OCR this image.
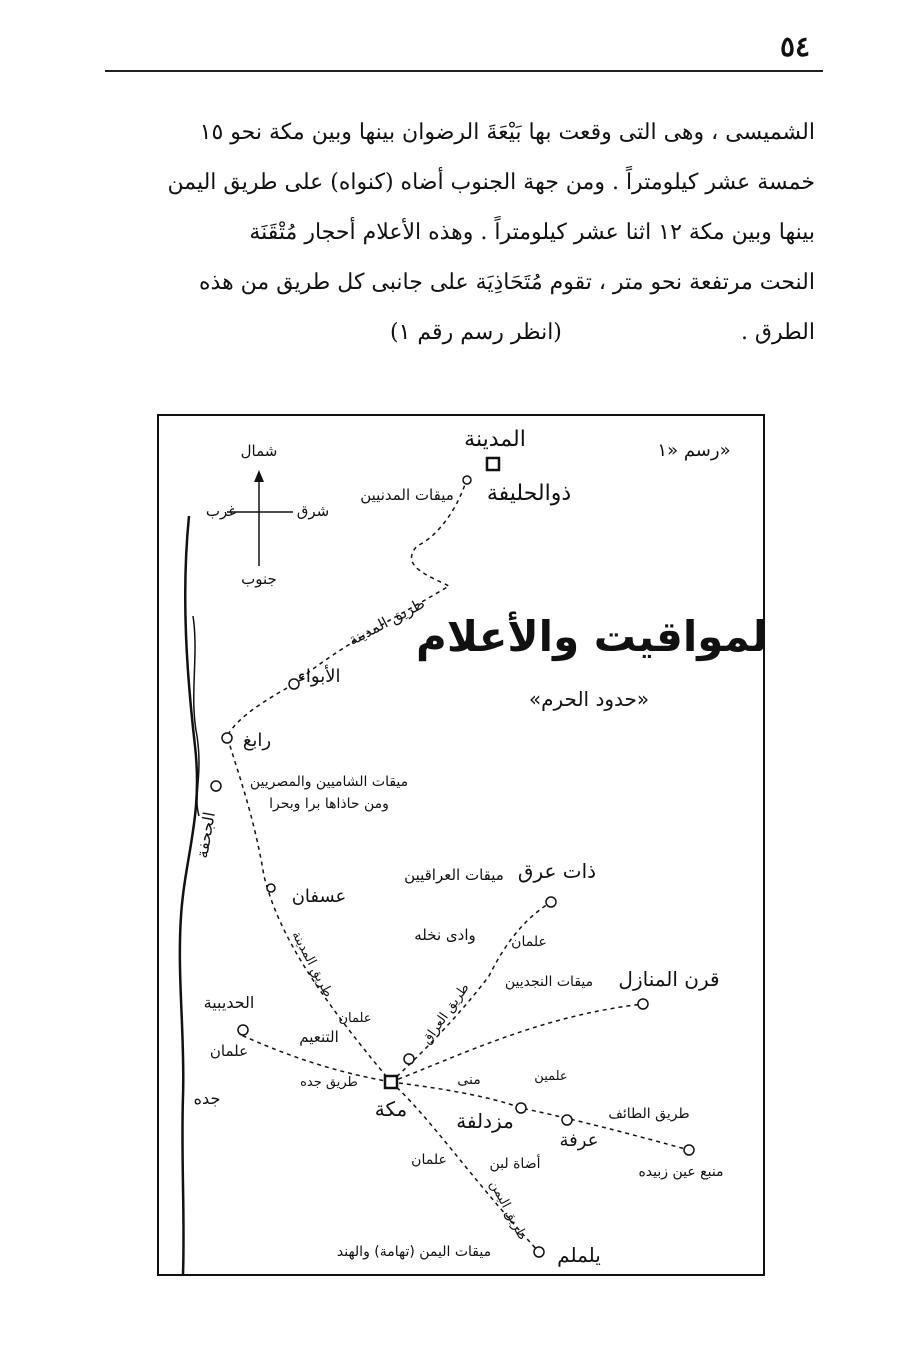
٥٤
الشميسى ، وهى التى وقعت بها بَيْعَةَ الرضوان بينها وبين مكة نحو ١٥
خمسة عشر كيلومتراً . ومن جهة الجنوب أضاه (كنواه) على طريق اليمن
بينها وبين مكة ١٢ اثنا عشر كيلومتراً . وهذه الأعلام أحجار مُتْقَنَة
النحت مرتفعة نحو متر ، تقوم مُتَحَاذِيَة على جانبى كل طريق من هذه
الطرق .
(انظر رسم رقم ١)
شمال
جنوب
شرق
غرب
رسم «١»
المواقيت والأعلام
«حدود الحرم»
المدينة
ذوالحليفة
ميقات المدنيين
طريق المدينة
الأبواء
رابغ
ميقات الشاميين والمصريين
ومن حاذاها برا وبحرا
الجحفة
عسفان
ذات عرق
ميقات العراقيين
علمان
وادى نخله
قرن المنازل
ميقات النجديين
طريق العراق
الحديبية
علمان
التنعيم
علمان
طريق المدينة
طريق جده
جده	مكة مزدلفة
منى	علمين
عرفة
طريق الطائف
منبع عين زبيده
أضاة لبن
علمان
طريق اليمن
يلملم
ميقات اليمن (تهامة) والهند
